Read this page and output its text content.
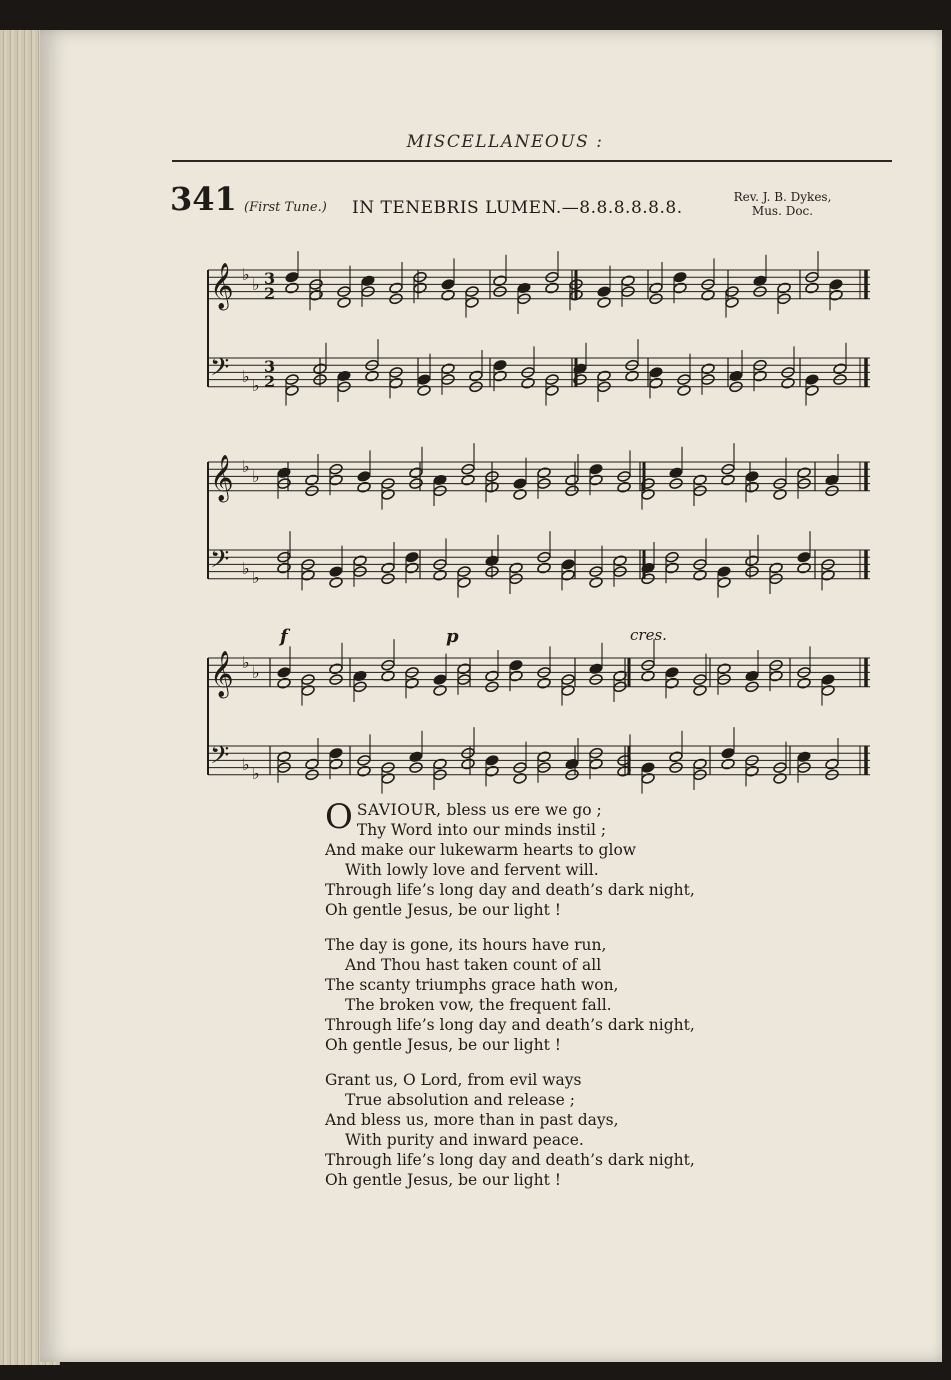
MISCELLANEOUS :
341 (First Tune.) IN TENEBRIS LUMEN.—8.8.8.8.8.8.
Rev. J. B. Dykes,
Mus. Doc.
𝄞 ♭
♭ 3
2
𝄢 ♭ ♭
3
2
𝄞 ♭
♭
𝄢 ♭ ♭
𝄞 ♭
♭
𝄢 ♭ ♭
f	p	cres.
OSAVIOUR, bless us ere we go ;
Thy Word into our minds instil ;
And make our lukewarm hearts to glow
With lowly love and fervent will.
Through life’s long day and death’s dark night,
Oh gentle Jesus, be our light !
The day is gone, its hours have run,
And Thou hast taken count of all
The scanty triumphs grace hath won,
The broken vow, the frequent fall.
Through life’s long day and death’s dark night,
Oh gentle Jesus, be our light !
Grant us, O Lord, from evil ways
True absolution and release ;
And bless us, more than in past days,
With purity and inward peace.
Through life’s long day and death’s dark night,
Oh gentle Jesus, be our light !
